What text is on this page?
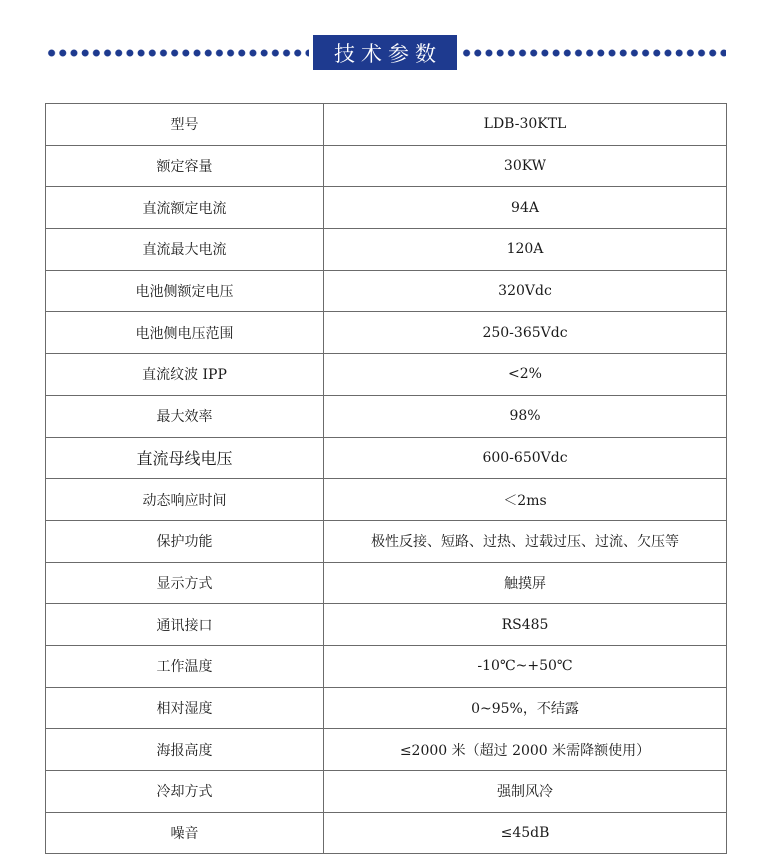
技术参数
型号	LDB-30KTL
额定容量	30KW
直流额定电流	94A
直流最大电流	120A
电池侧额定电压	320Vdc
电池侧电压范围	250-365Vdc
直流纹波 IPP	<2%
最大效率	98%
直流母线电压	600-650Vdc
动态响应时间	＜2ms
保护功能	极性反接、短路、过热、过载过压、过流、欠压等
显示方式	触摸屏
通讯接口	RS485
工作温度	-10℃~+50℃
相对湿度	0~95%，不结露
海报高度	≤2000 米（超过 2000 米需降额使用）
冷却方式	强制风冷
噪音	≤45dB
